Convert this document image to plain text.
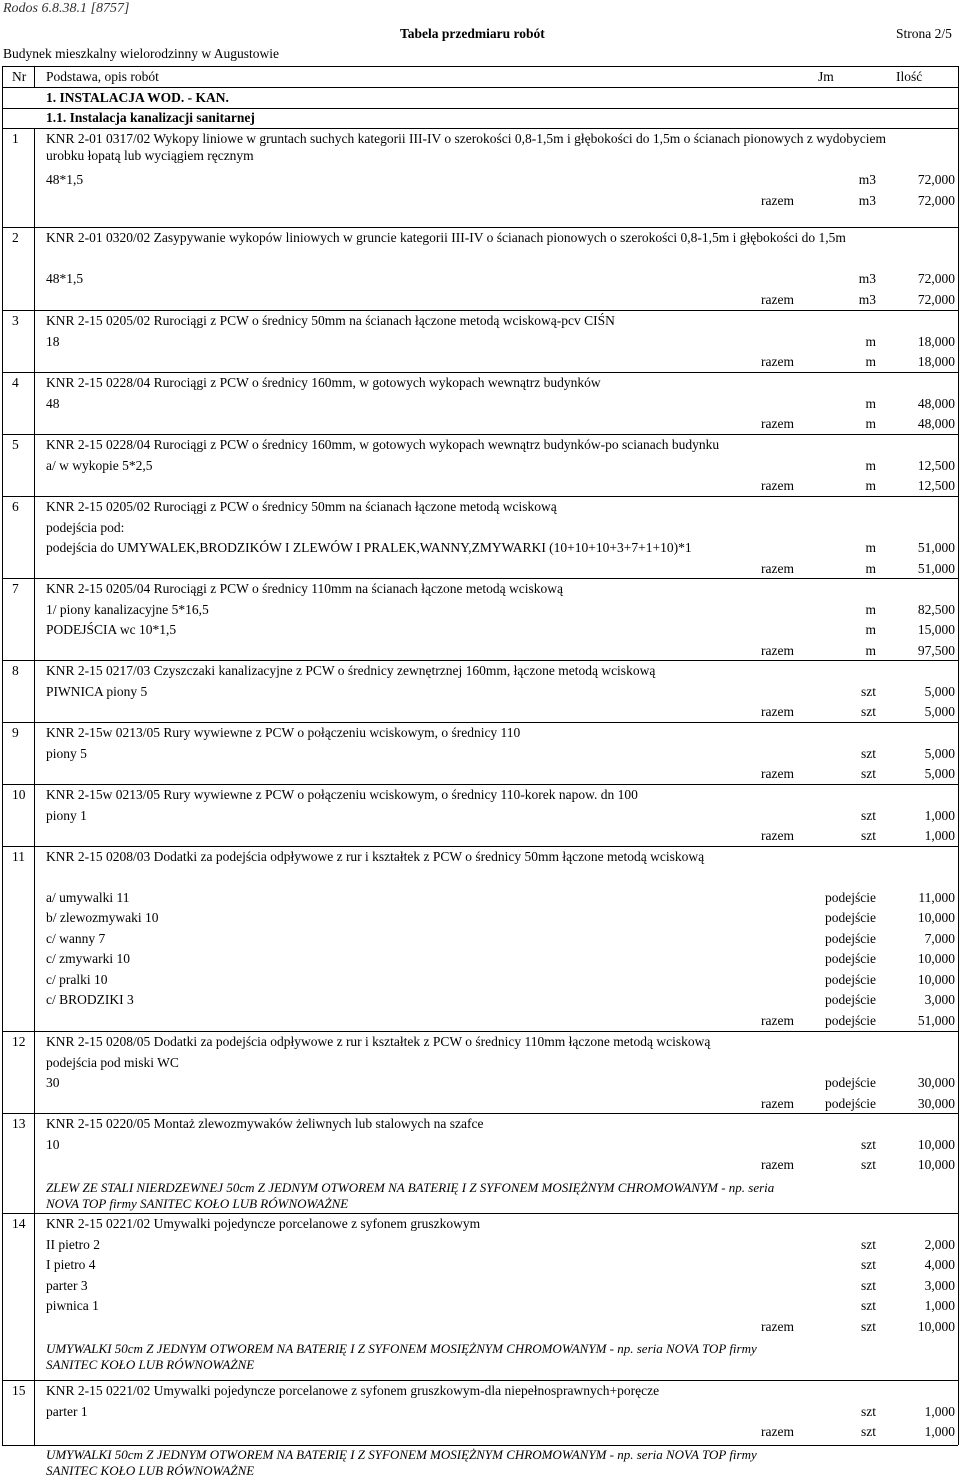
Rodos 6.8.38.1 [8757]
Tabela przedmiaru robót	Strona 2/5
Budynek mieszkalny wielorodzinny w Augustowie
Nr Podstawa, opis robót	Jm	Ilość
1. INSTALACJA WOD. - KAN.
1.1. Instalacja kanalizacji sanitarnej
1 KNR 2-01 0317/02 Wykopy liniowe w gruntach suchych kategorii III-IV o szerokości 0,8-1,5m i głębokości do 1,5m o ścianach pionowych z wydobyciem urobku łopatą lub wyciągiem ręcznym
48*1,5	m3	72,000
razem	m3	72,000
2 KNR 2-01 0320/02 Zasypywanie wykopów liniowych w gruncie kategorii III-IV o ścianach pionowych o szerokości 0,8-1,5m i głębokości do 1,5m
48*1,5	m3	72,000
razem	m3	72,000
3 KNR 2-15 0205/02 Rurociągi z PCW o średnicy 50mm na ścianach łączone metodą wciskową-pcv CIŚN
18	m	18,000
razem	m	18,000
4 KNR 2-15 0228/04 Rurociągi z PCW o średnicy 160mm, w gotowych wykopach wewnątrz budynków
48	m	48,000
razem	m	48,000
5 KNR 2-15 0228/04 Rurociągi z PCW o średnicy 160mm, w gotowych wykopach wewnątrz budynków-po scianach budynku
a/ w wykopie 5*2,5	m	12,500
razem	m	12,500
6 KNR 2-15 0205/02 Rurociągi z PCW o średnicy 50mm na ścianach łączone metodą wciskową
podejścia pod:
podejścia do UMYWALEK,BRODZIKÓW I ZLEWÓW I PRALEK,WANNY,ZMYWARKI (10+10+10+3+7+1+10)*1	m	51,000
razem	m	51,000
7 KNR 2-15 0205/04 Rurociągi z PCW o średnicy 110mm na ścianach łączone metodą wciskową
1/ piony kanalizacyjne 5*16,5	m	82,500
PODEJŚCIA wc 10*1,5	m	15,000
razem	m	97,500
8 KNR 2-15 0217/03 Czyszczaki kanalizacyjne z PCW o średnicy zewnętrznej 160mm, łączone metodą wciskową
PIWNICA piony 5	szt	5,000
razem	szt	5,000
9 KNR 2-15w 0213/05 Rury wywiewne z PCW o połączeniu wciskowym, o średnicy 110
piony 5	szt	5,000
razem	szt	5,000
10 KNR 2-15w 0213/05 Rury wywiewne z PCW o połączeniu wciskowym, o średnicy 110-korek napow. dn 100
piony 1	szt	1,000
razem	szt	1,000
11 KNR 2-15 0208/03 Dodatki za podejścia odpływowe z rur i kształtek z PCW o średnicy 50mm łączone metodą wciskową
a/ umywalki 11	podejście	11,000
b/ zlewozmywaki 10	podejście	10,000
c/ wanny 7	podejście	7,000
c/ zmywarki 10	podejście	10,000
c/ pralki 10	podejście	10,000
c/ BRODZIKI 3	podejście	3,000
razem	podejście	51,000
12 KNR 2-15 0208/05 Dodatki za podejścia odpływowe z rur i kształtek z PCW o średnicy 110mm łączone metodą wciskową
podejścia pod miski WC
30	podejście	30,000
razem	podejście	30,000
13 KNR 2-15 0220/05 Montaż zlewozmywaków żeliwnych lub stalowych na szafce
10	szt	10,000
razem	szt	10,000
ZLEW ZE STALI NIERDZEWNEJ 50cm Z JEDNYM OTWOREM NA BATERIĘ I Z SYFONEM MOSIĘŻNYM CHROMOWANYM - np. seria NOVA TOP firmy SANITEC KOŁO LUB RÓWNOWAŻNE
14 KNR 2-15 0221/02 Umywalki pojedyncze porcelanowe z syfonem gruszkowym
II pietro 2	szt	2,000
I pietro 4	szt	4,000
parter 3	szt	3,000
piwnica 1	szt	1,000
razem	szt	10,000
UMYWALKI 50cm Z JEDNYM OTWOREM NA BATERIĘ I Z SYFONEM MOSIĘŻNYM CHROMOWANYM - np. seria NOVA TOP firmy SANITEC KOŁO LUB RÓWNOWAŻNE
15 KNR 2-15 0221/02 Umywalki pojedyncze porcelanowe z syfonem gruszkowym-dla niepełnosprawnych+poręcze
parter 1	szt	1,000
razem	szt	1,000
UMYWALKI 50cm Z JEDNYM OTWOREM NA BATERIĘ I Z SYFONEM MOSIĘŻNYM CHROMOWANYM - np. seria NOVA TOP firmy SANITEC KOŁO LUB RÓWNOWAŻNE
